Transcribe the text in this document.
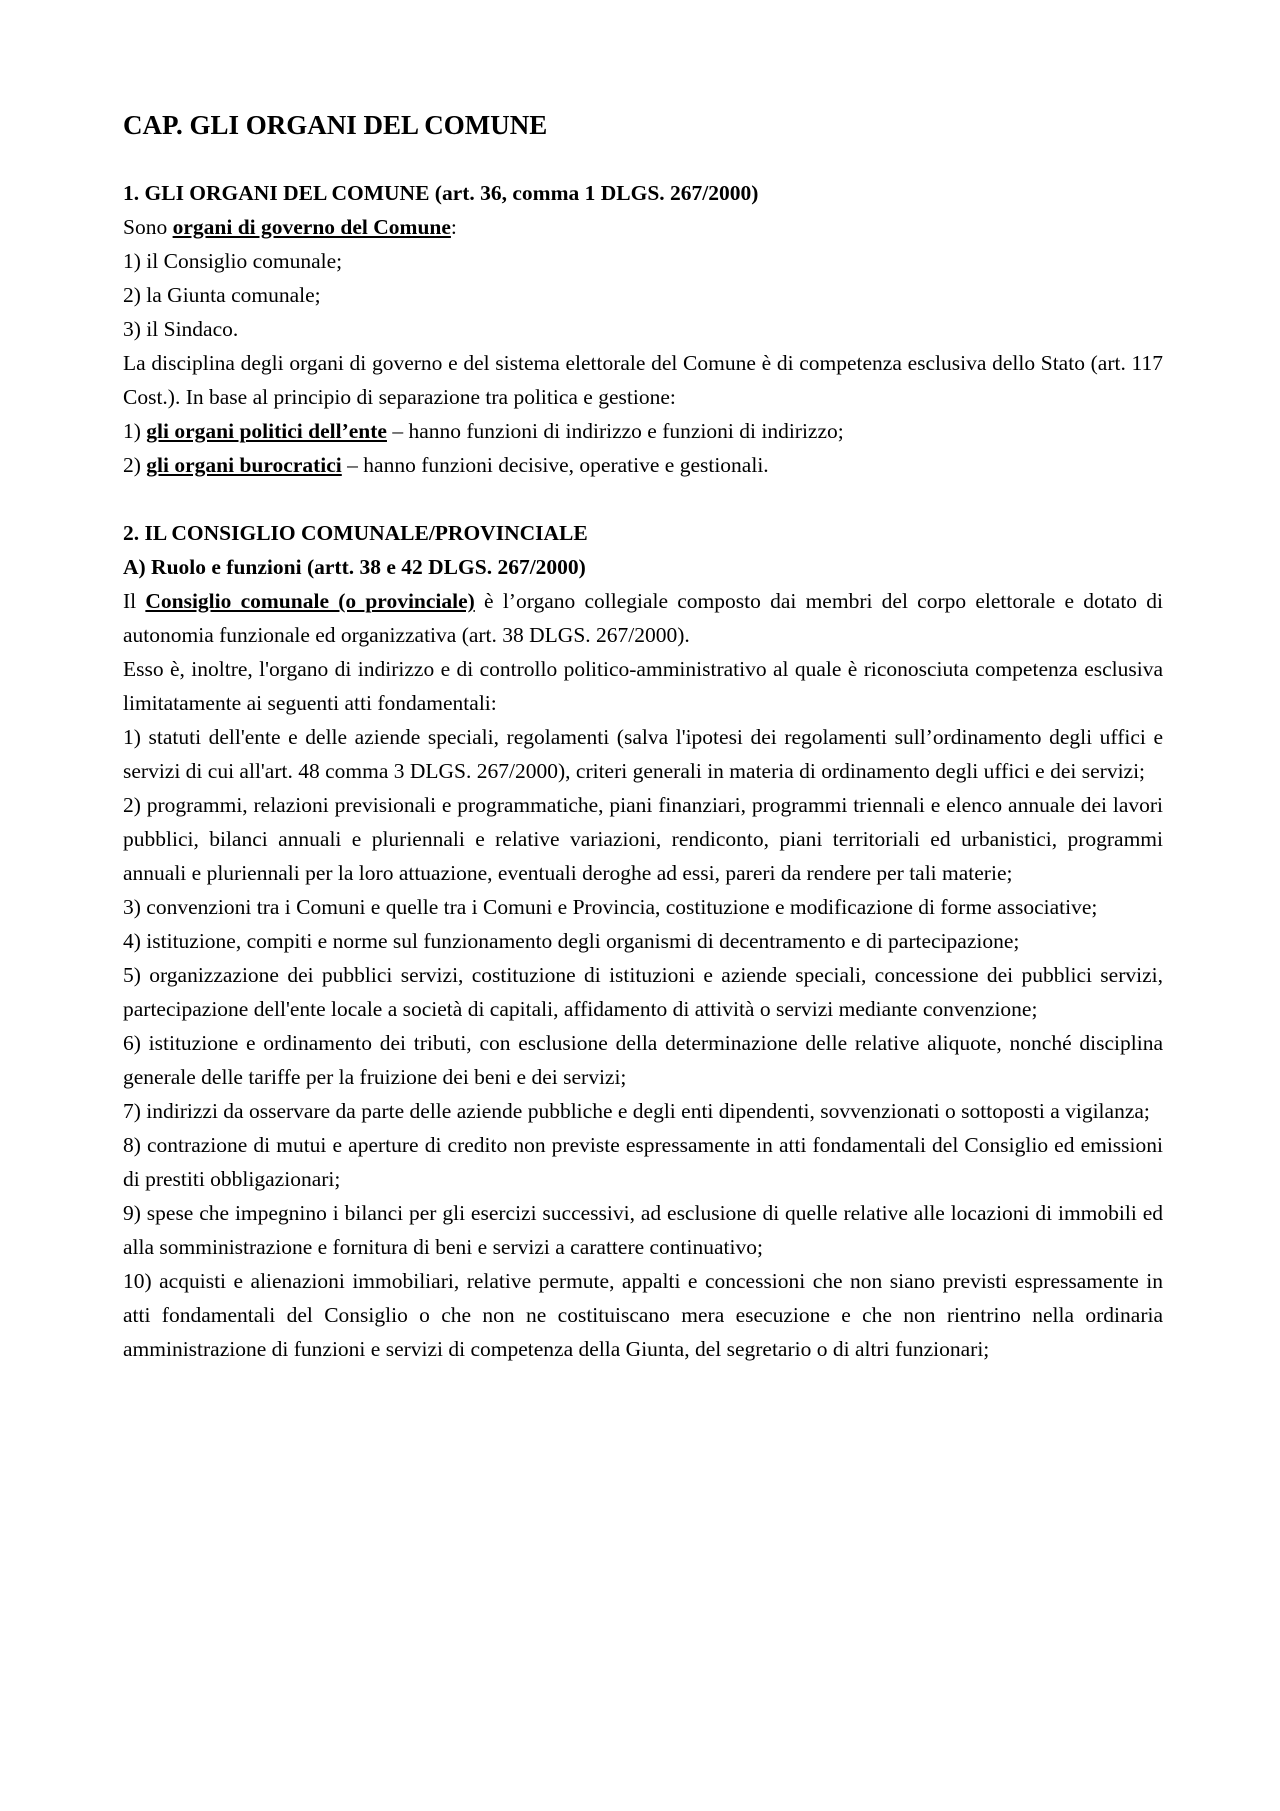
CAP. GLI ORGANI DEL COMUNE

1. GLI ORGANI DEL COMUNE (art. 36, comma 1 DLGS. 267/2000)

Sono organi di governo del Comune:

1) il Consiglio comunale;

2) la Giunta comunale;

3) il Sindaco.

La disciplina degli organi di governo e del sistema elettorale del Comune è di competenza esclusiva dello Stato (art. 117 Cost.). In base al principio di separazione tra politica e gestione:

1) gli organi politici dell’ente – hanno funzioni di indirizzo e funzioni di indirizzo;

2) gli organi burocratici – hanno funzioni decisive, operative e gestionali.

2. IL CONSIGLIO COMUNALE/PROVINCIALE

A) Ruolo e funzioni (artt. 38 e 42 DLGS. 267/2000)

Il Consiglio comunale (o provinciale) è l’organo collegiale composto dai membri del corpo elettorale e dotato di autonomia funzionale ed organizzativa (art. 38 DLGS. 267/2000).

Esso è, inoltre, l'organo di indirizzo e di controllo politico-amministrativo al quale è riconosciuta competenza esclusiva limitatamente ai seguenti atti fondamentali:

1) statuti dell'ente e delle aziende speciali, regolamenti (salva l'ipotesi dei regolamenti sull’ordinamento degli uffici e servizi di cui all'art. 48 comma 3 DLGS. 267/2000), criteri generali in materia di ordinamento degli uffici e dei servizi;

2) programmi, relazioni previsionali e programmatiche, piani finanziari, programmi triennali e elenco annuale dei lavori pubblici, bilanci annuali e pluriennali e relative variazioni, rendiconto, piani territoriali ed urbanistici, programmi annuali e pluriennali per la loro attuazione, eventuali deroghe ad essi, pareri da rendere per tali materie;

3) convenzioni tra i Comuni e quelle tra i Comuni e Provincia, costituzione e modificazione di forme associative;

4) istituzione, compiti e norme sul funzionamento degli organismi di decentramento e di partecipazione;

5) organizzazione dei pubblici servizi, costituzione di istituzioni e aziende speciali, concessione dei pubblici servizi, partecipazione dell'ente locale a società di capitali, affidamento di attività o servizi mediante convenzione;

6) istituzione e ordinamento dei tributi, con esclusione della determinazione delle relative aliquote, nonché disciplina generale delle tariffe per la fruizione dei beni e dei servizi;

7) indirizzi da osservare da parte delle aziende pubbliche e degli enti dipendenti, sovvenzionati o sottoposti a vigilanza;

8) contrazione di mutui e aperture di credito non previste espressamente in atti fondamentali del Consiglio ed emissioni di prestiti obbligazionari;

9) spese che impegnino i bilanci per gli esercizi successivi, ad esclusione di quelle relative alle locazioni di immobili ed alla somministrazione e fornitura di beni e servizi a carattere continuativo;

10) acquisti e alienazioni immobiliari, relative permute, appalti e concessioni che non siano previsti espressamente in atti fondamentali del Consiglio o che non ne costituiscano mera esecuzione e che non rientrino nella ordinaria amministrazione di funzioni e servizi di competenza della Giunta, del segretario o di altri funzionari;
